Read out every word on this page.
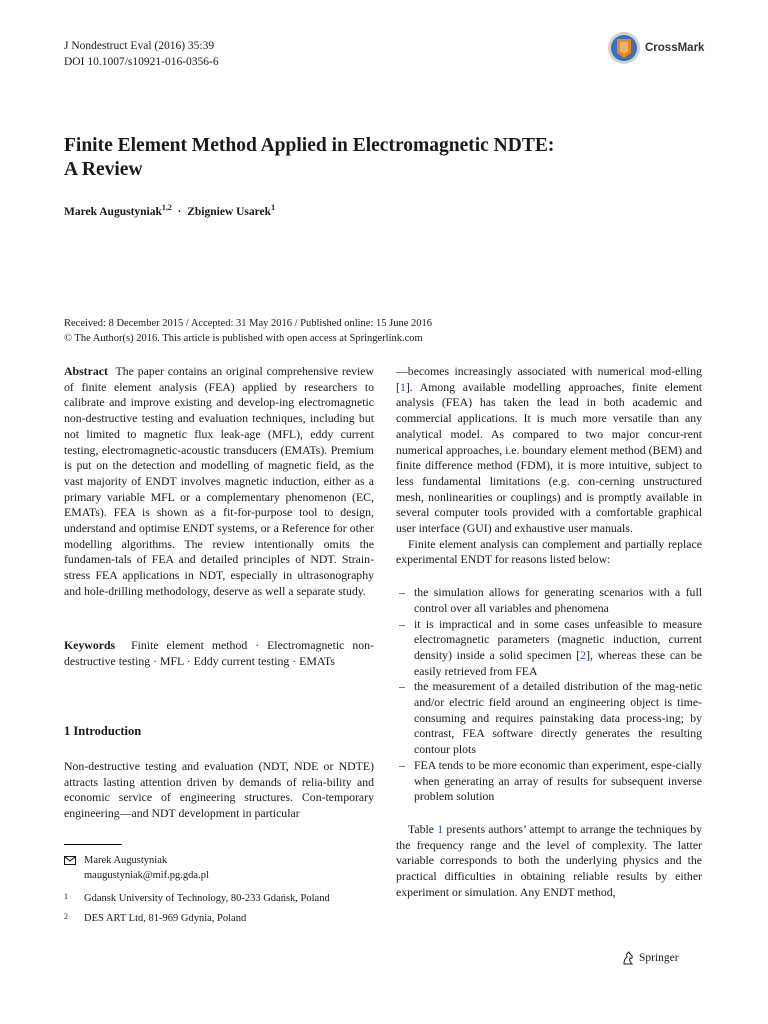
J Nondestruct Eval (2016) 35:39
DOI 10.1007/s10921-016-0356-6
CrossMark
Finite Element Method Applied in Electromagnetic NDTE:
A Review
Marek Augustyniak$^{1,2}$ · Zbigniew Usarek$^1$
Received: 8 December 2015 / Accepted: 31 May 2016 / Published online: 15 June 2016
© The Author(s) 2016. This article is published with open access at Springerlink.com

Abstract The paper contains an original comprehensive review of finite element analysis (FEA) applied by researchers to calibrate and improve existing and develop-ing electromagnetic non-destructive testing and evaluation techniques, including but not limited to magnetic flux leak-age (MFL), eddy current testing, electromagnetic-acoustic transducers (EMATs). Premium is put on the detection and modelling of magnetic field, as the vast majority of ENDT involves magnetic induction, either as a primary variable MFL or a complementary phenomenon (EC, EMATs). FEA is shown as a fit-for-purpose tool to design, understand and optimise ENDT systems, or a Reference for other modelling algorithms. The review intentionally omits the fundamen-tals of FEA and detailed principles of NDT. Strain-stress FEA applications in NDT, especially in ultrasonography and hole-drilling methodology, deserve as well a separate study.

Keywords Finite element method · Electromagnetic non-destructive testing · MFL · Eddy current testing · EMATs

1 Introduction

Non-destructive testing and evaluation (NDT, NDE or NDTE) attracts lasting attention driven by demands of relia-bility and economic service of engineering structures. Con-temporary engineering—and NDT development in particular

Marek Augustyniak
maugustyniak@mif.pg.gda.pl
1 Gdansk University of Technology, 80-233 Gdańsk, Poland
2 DES ART Ltd, 81-969 Gdynia, Poland

—becomes increasingly associated with numerical mod-elling [1]. Among available modelling approaches, finite element analysis (FEA) has taken the lead in both academic and commercial applications. It is much more versatile than any analytical model. As compared to two major concur-rent numerical approaches, i.e. boundary element method (BEM) and finite difference method (FDM), it is more intuitive, subject to less fundamental limitations (e.g. con-cerning unstructured mesh, nonlinearities or couplings) and is promptly available in several computer tools provided with a comfortable graphical user interface (GUI) and exhaustive user manuals.

Finite element analysis can complement and partially replace experimental ENDT for reasons listed below:

– the simulation allows for generating scenarios with a full control over all variables and phenomena
– it is impractical and in some cases unfeasible to measure electromagnetic parameters (magnetic induction, current density) inside a solid specimen [2], whereas these can be easily retrieved from FEA
– the measurement of a detailed distribution of the mag-netic and/or electric field around an engineering object is time-consuming and requires painstaking data process-ing; by contrast, FEA software directly generates the resulting contour plots
– FEA tends to be more economic than experiment, espe-cially when generating an array of results for subsequent inverse problem solution

Table 1 presents authors’ attempt to arrange the techniques by the frequency range and the level of complexity. The latter variable corresponds to both the underlying physics and the practical difficulties in obtaining reliable results by either experiment or simulation. Any ENDT method,

Springer
